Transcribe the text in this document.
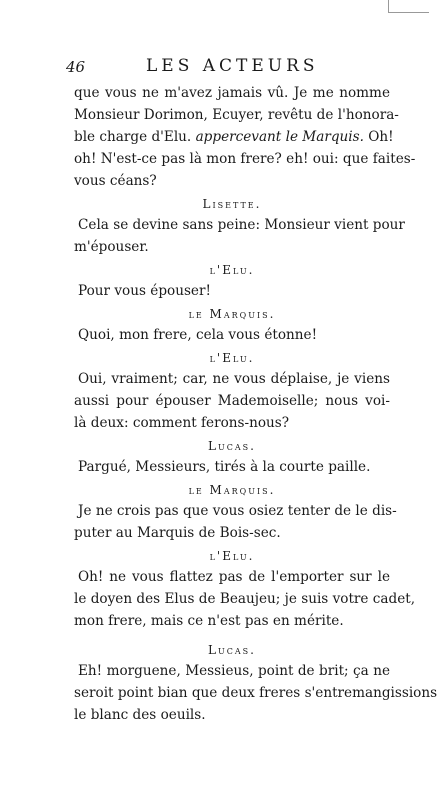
46	LES ACTEURS
que vous ne m'avez jamais vû. Je me nomme
Monsieur Dorimon, Ecuyer, revêtu de l'honora-
ble charge d'Elu. appercevant le Marquis. Oh!
oh! N'est-ce pas là mon frere? eh! oui: que faites-
vous céans?
Lisette.
Cela se devine sans peine: Monsieur vient pour
m'épouser.
l'Elu.
Pour vous épouser!
le Marquis.
Quoi, mon frere, cela vous étonne!
l'Elu.
Oui, vraiment; car, ne vous déplaise, je viens
aussi pour épouser Mademoiselle; nous voi-
là deux: comment ferons-nous?
Lucas.
Pargué, Messieurs, tirés à la courte paille.
le Marquis.
Je ne crois pas que vous osiez tenter de le dis-
puter au Marquis de Bois-sec.
l'Elu.
Oh! ne vous flattez pas de l'emporter sur le
le doyen des Elus de Beaujeu; je suis votre cadet,
mon frere, mais ce n'est pas en mérite.
Lucas.
Eh! morguene, Messieus, point de brit; ça ne
seroit point bian que deux freres s'entremangissions
le blanc des oeuils.
